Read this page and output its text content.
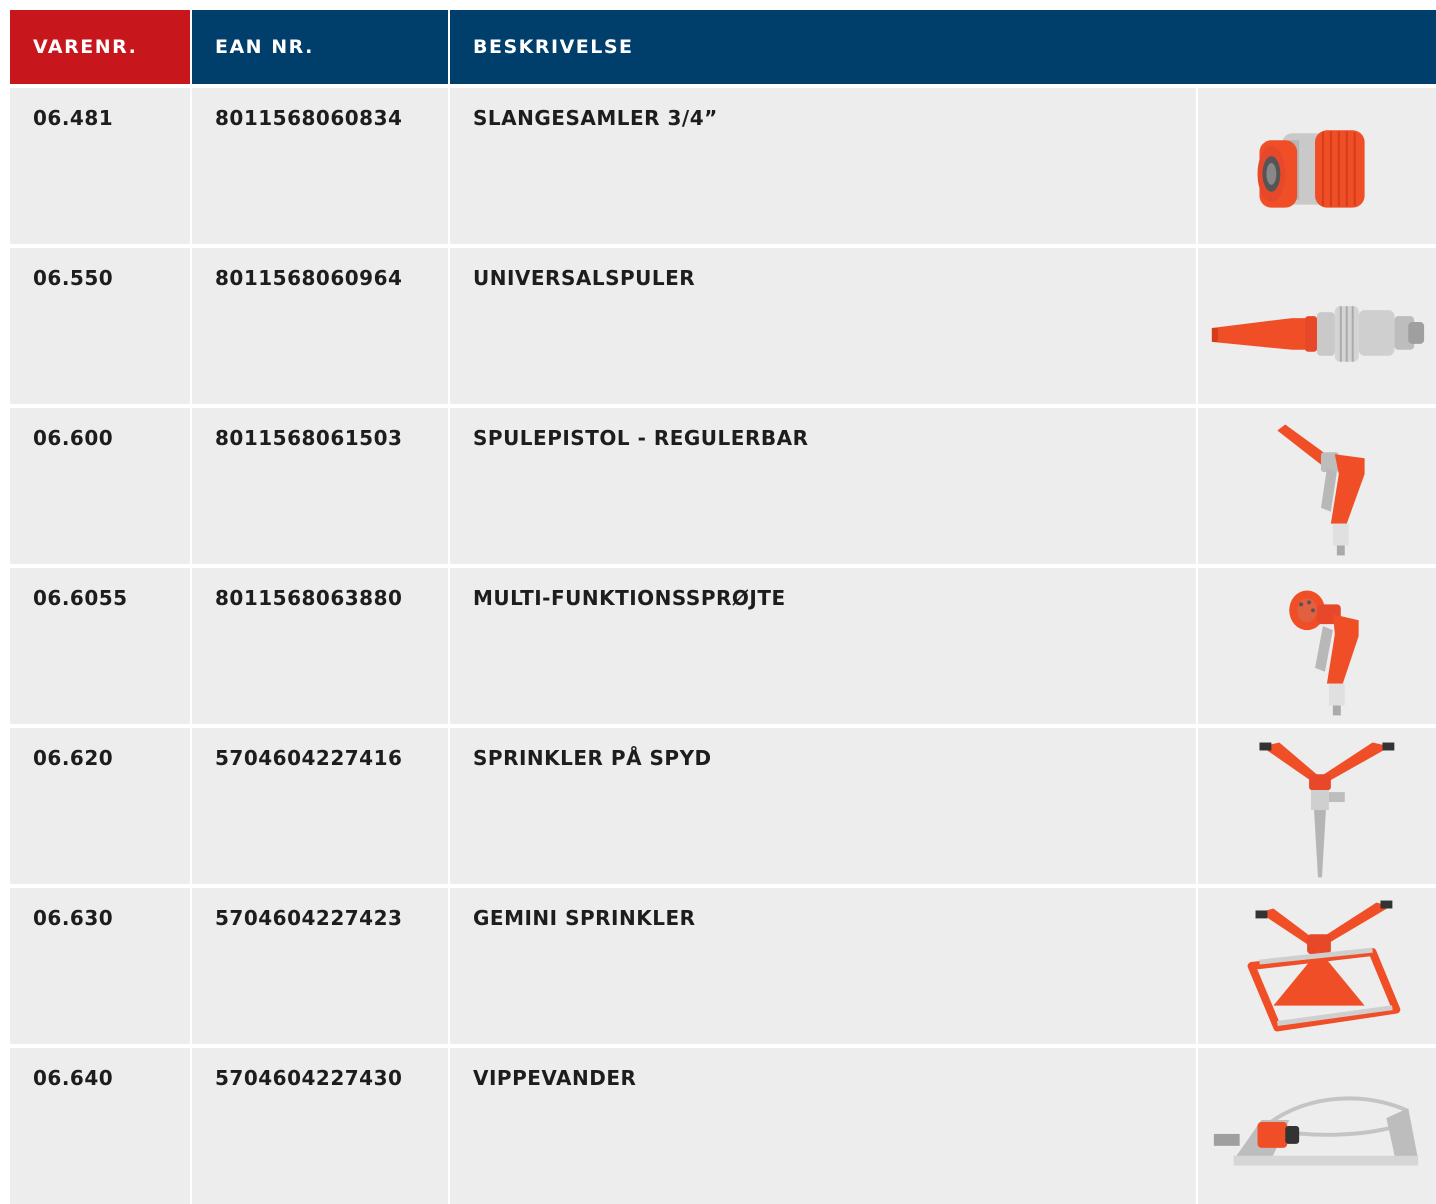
VARENR.	EAN NR.	BESKRIVELSE
06.481	8011568060834	SLANGESAMLER 3/4”
06.550	8011568060964	UNIVERSALSPULER
06.600	8011568061503	SPULEPISTOL - REGULERBAR
06.6055	8011568063880	MULTI-FUNKTIONSSPRØJTE
06.620	5704604227416	SPRINKLER PÅ SPYD
06.630	5704604227423	GEMINI SPRINKLER
06.640	5704604227430	VIPPEVANDER
